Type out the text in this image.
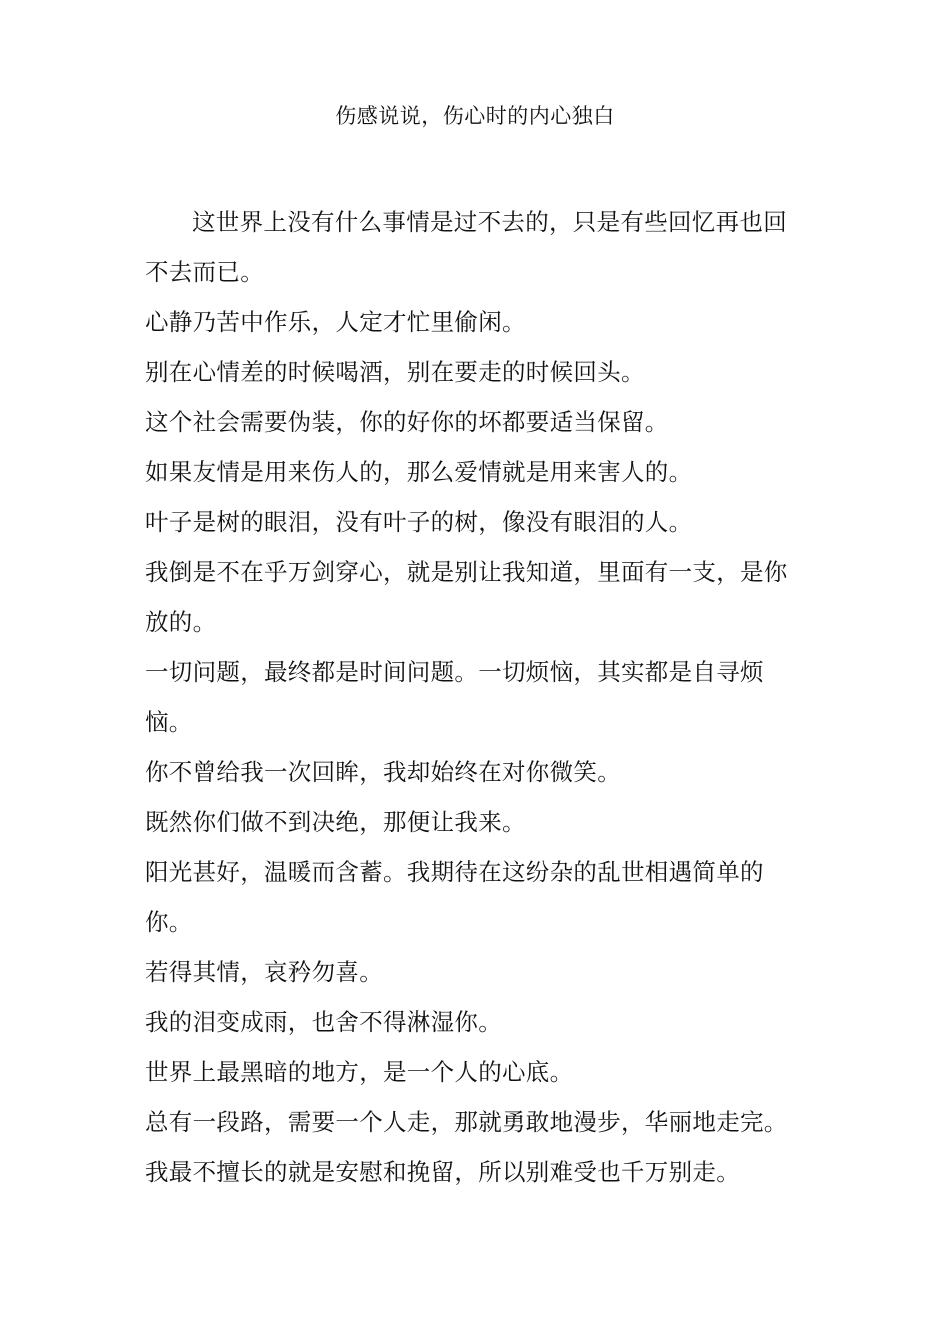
伤感说说，伤心时的内心独白

这世界上没有什么事情是过不去的，只是有些回忆再也回不去而已。

心静乃苦中作乐，人定才忙里偷闲。

别在心情差的时候喝酒，别在要走的时候回头。

这个社会需要伪装，你的好你的坏都要适当保留。

如果友情是用来伤人的，那么爱情就是用来害人的。

叶子是树的眼泪，没有叶子的树，像没有眼泪的人。

我倒是不在乎万剑穿心，就是别让我知道，里面有一支，是你放的。

一切问题，最终都是时间问题。一切烦恼，其实都是自寻烦恼。

你不曾给我一次回眸，我却始终在对你微笑。

既然你们做不到决绝，那便让我来。

阳光甚好，温暖而含蓄。我期待在这纷杂的乱世相遇简单的你。

若得其情，哀矜勿喜。

我的泪变成雨，也舍不得淋湿你。

世界上最黑暗的地方，是一个人的心底。

总有一段路，需要一个人走，那就勇敢地漫步，华丽地走完。

我最不擅长的就是安慰和挽留，所以别难受也千万别走。
